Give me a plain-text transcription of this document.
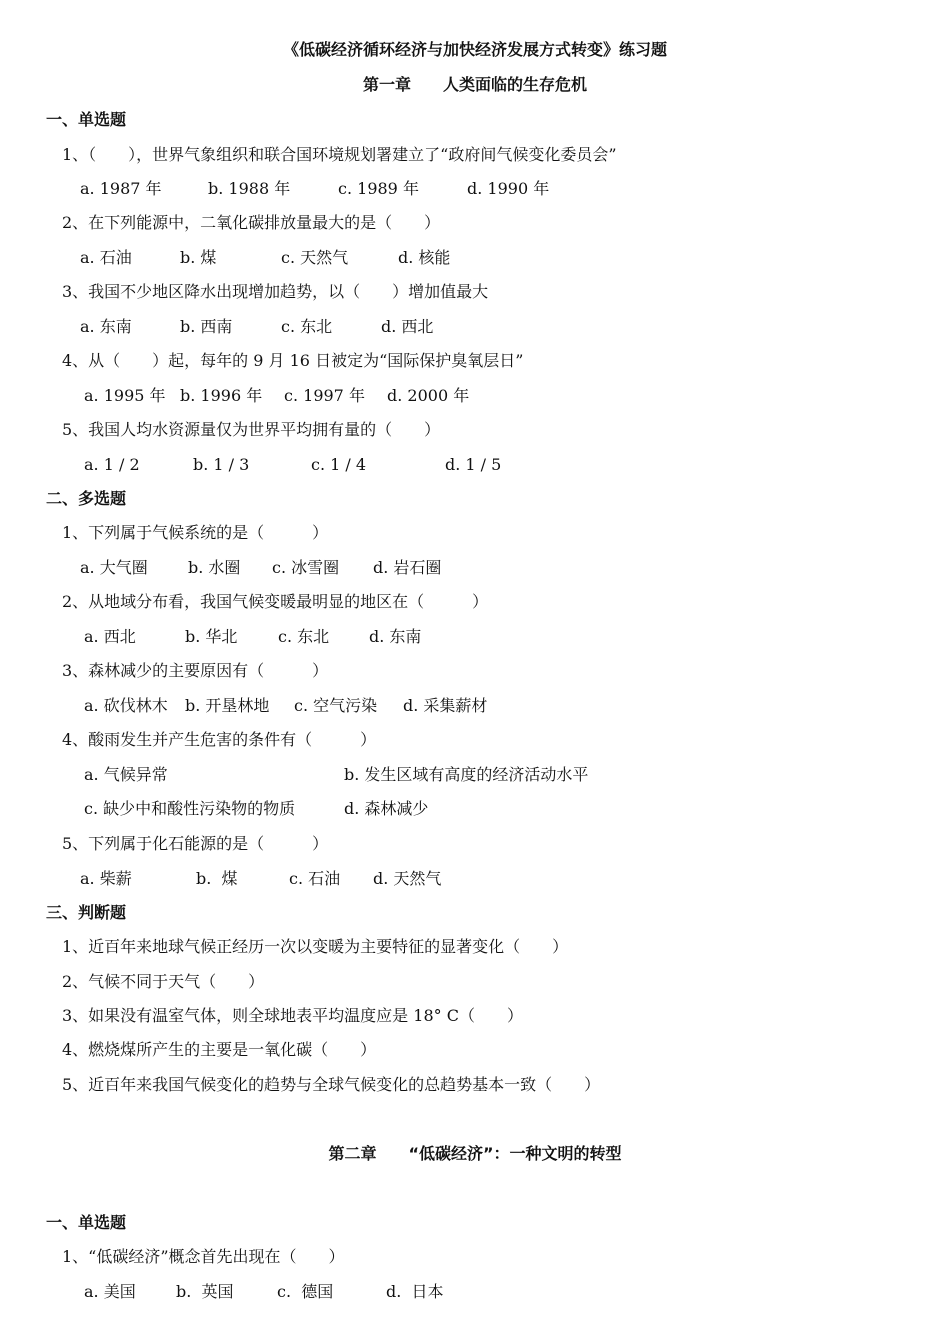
《低碳经济循环经济与加快经济发展方式转变》练习题
第一章　　人类面临的生存危机
一、单选题
1、（　　），世界气象组织和联合国环境规划署建立了“政府间气候变化委员会”
a. 1987 年	b. 1988 年	c. 1989 年	d. 1990 年
2、在下列能源中，二氧化碳排放量最大的是（　　）
a. 石油	b. 煤	c. 天然气	d. 核能
3、我国不少地区降水出现增加趋势，以（　　）增加值最大
a. 东南	b. 西南	c. 东北	d. 西北
4、从（　　）起，每年的 9 月 16 日被定为“国际保护臭氧层日”
a. 1995 年 b. 1996 年 c. 1997 年 d. 2000 年
5、我国人均水资源量仅为世界平均拥有量的（　　）
a. 1 / 2	b. 1 / 3	c. 1 / 4	d. 1 / 5
二、多选题
1、下列属于气候系统的是（　　　）
a. 大气圈	b. 水圈 c. 冰雪圈 d. 岩石圈
2、从地域分布看，我国气候变暖最明显的地区在（　　　）
a. 西北	b. 华北	c. 东北 d. 东南
3、森林减少的主要原因有（　　　）
a. 砍伐林木 b. 开垦林地 c. 空气污染 d. 采集薪材
4、酸雨发生并产生危害的条件有（　　　）
a. 气候异常	b. 发生区域有高度的经济活动水平
c. 缺少中和酸性污染物的物质	d. 森林减少
5、下列属于化石能源的是（　　　）
a. 柴薪	b.  煤	c. 石油 d. 天然气
三、判断题
1、近百年来地球气候正经历一次以变暖为主要特征的显著变化（　　）
2、气候不同于天气（　　）
3、如果没有温室气体，则全球地表平均温度应是 18° C（　　）
4、燃烧煤所产生的主要是一氧化碳（　　）
5、近百年来我国气候变化的趋势与全球气候变化的总趋势基本一致（　　）
第二章　　“低碳经济”：一种文明的转型
一、单选题
1、“低碳经济”概念首先出现在（　　）
a. 美国	b.  英国	c.  德国	d.  日本
